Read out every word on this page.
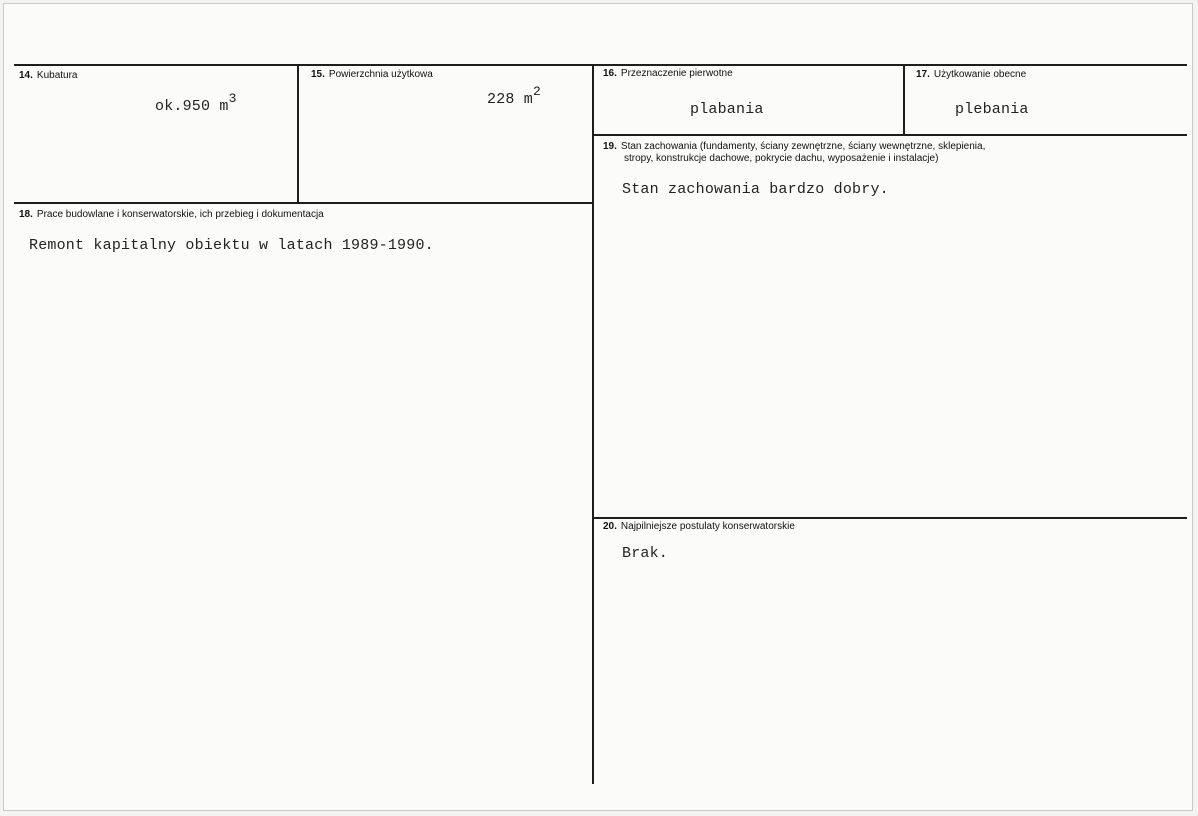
14. Kubatura
ok.950 $m^3$
15. Powierzchnia użytkowa
228 $m^2$
16. Przeznaczenie pierwotne
plabania
17. Użytkowanie obecne
plebania
19. Stan zachowania (fundamenty, ściany zewnętrzne, ściany wewnętrzne, sklepienia,
stropy, konstrukcje dachowe, pokrycie dachu, wyposażenie i instalacje)
Stan zachowania bardzo dobry.
18. Prace budowlane i konserwatorskie, ich przebieg i dokumentacja
Remont kapitalny obiektu w latach 1989-1990.
20. Najpilniejsze postulaty konserwatorskie
Brak.
